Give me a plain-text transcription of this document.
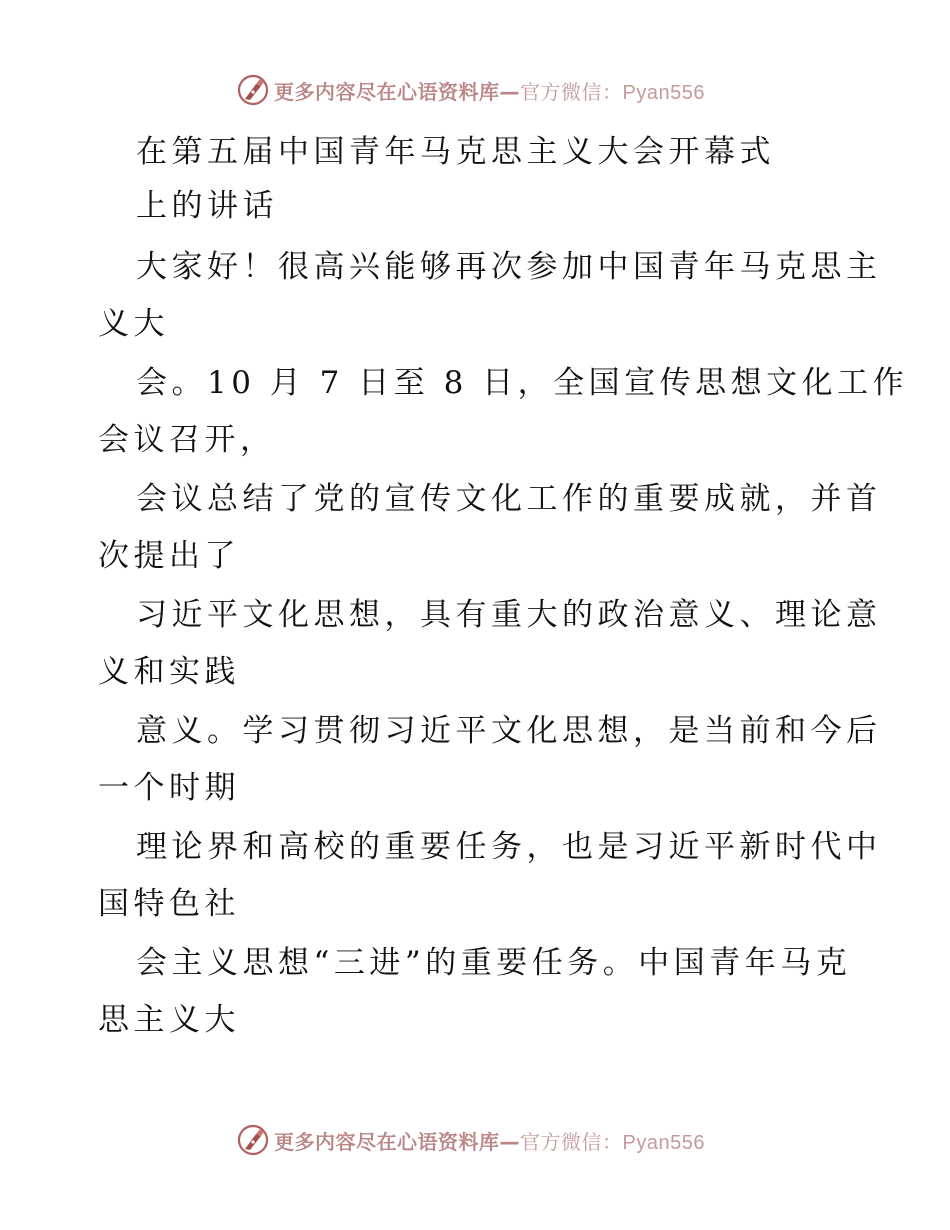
更多内容尽在心语资料库— 官方微信：Pyan556
在第五届中国青年马克思主义大会开幕式
上的讲话
大家好！很高兴能够再次参加中国青年马克思主
义大
会。10 月 7 日至 8 日，全国宣传思想文化工作
会议召开，
会议总结了党的宣传文化工作的重要成就，并首
次提出了
习近平文化思想，具有重大的政治意义、理论意
义和实践
意义。学习贯彻习近平文化思想，是当前和今后
一个时期
理论界和高校的重要任务，也是习近平新时代中
国特色社
会主义思想“三进”的重要任务。中国青年马克
思主义大
更多内容尽在心语资料库— 官方微信：Pyan556
